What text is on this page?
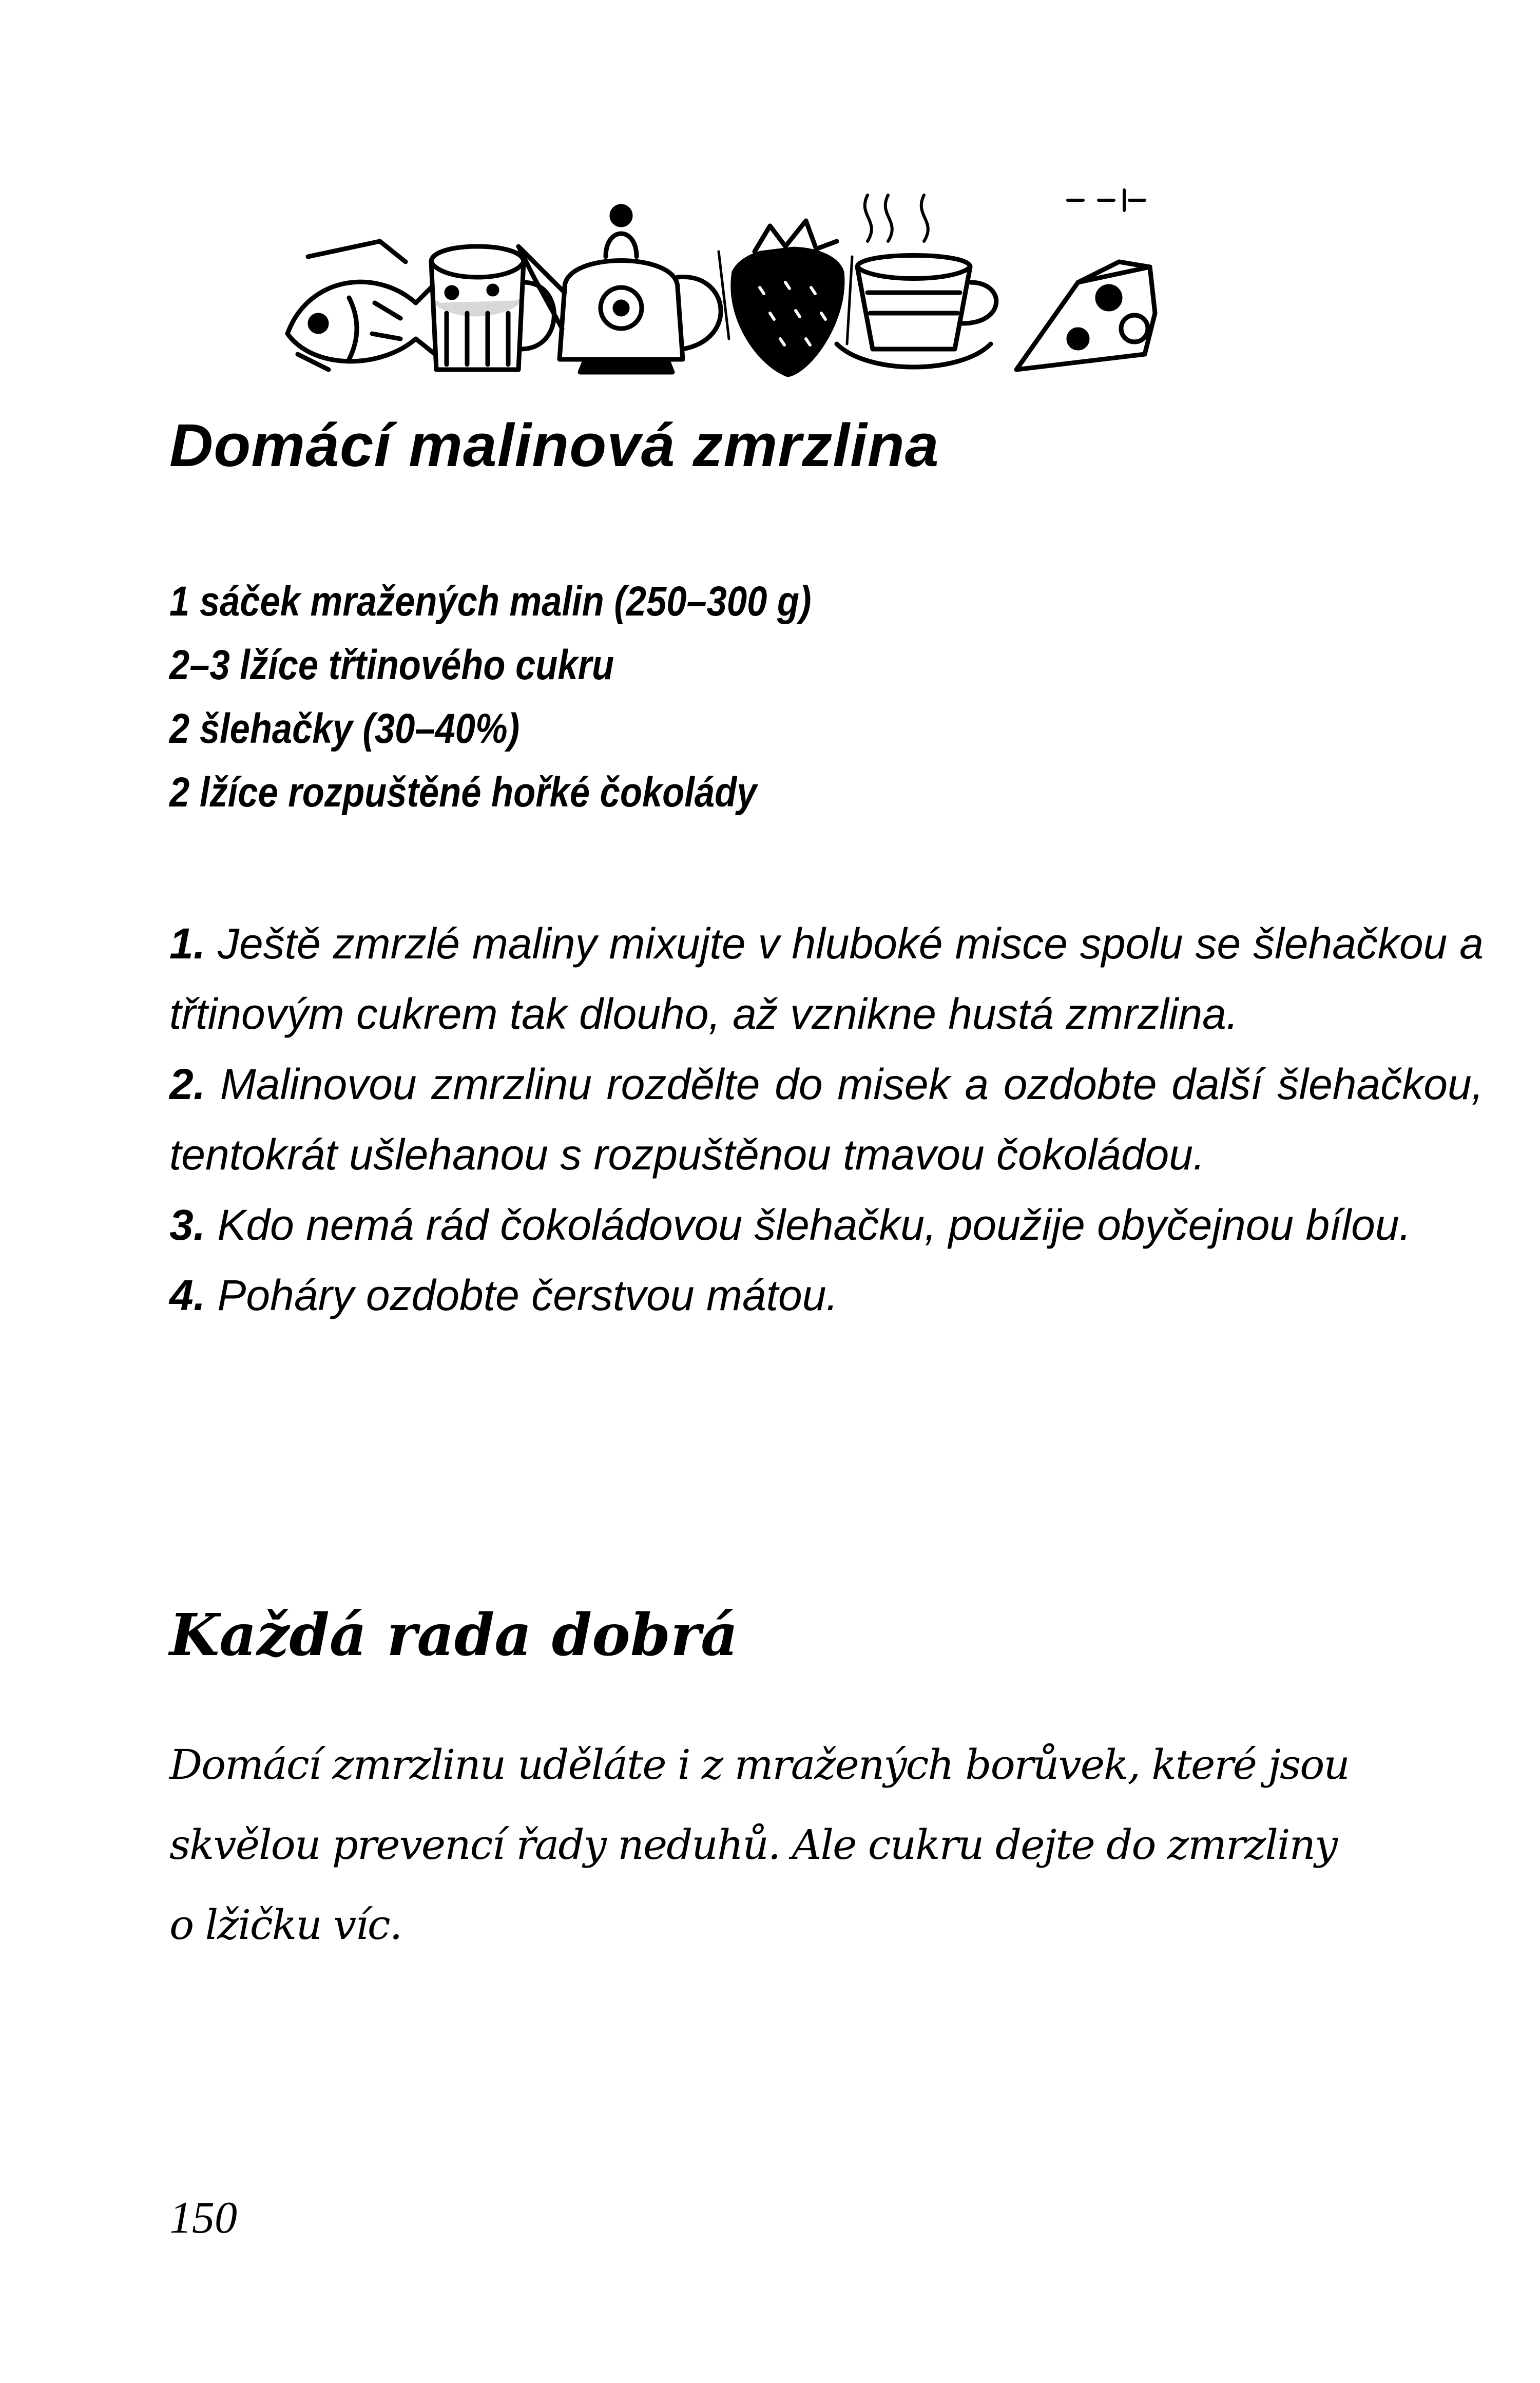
Domácí malinová zmrzlina
1 sáček mražených malin (250–300 g)
2–3 lžíce třtinového cukru
2 šlehačky (30–40%)
2 lžíce rozpuštěné hořké čokolády

1. Ještě zmrzlé maliny mixujte v hluboké misce spolu se šlehačkou a třtinovým cukrem tak dlouho, až vznikne hustá zmrzlina.

2. Malinovou zmrzlinu rozdělte do misek a ozdobte další šlehačkou, tentokrát ušlehanou s rozpuštěnou tmavou čokoládou.

3. Kdo nemá rád čokoládovou šlehačku, použije obyčejnou bílou.

4. Poháry ozdobte čerstvou mátou.

Každá rada dobrá
Domácí zmrzlinu uděláte i z mražených borůvek, které jsou
skvělou prevencí řady neduhů. Ale cukru dejte do zmrzliny
o lžičku víc.
150
